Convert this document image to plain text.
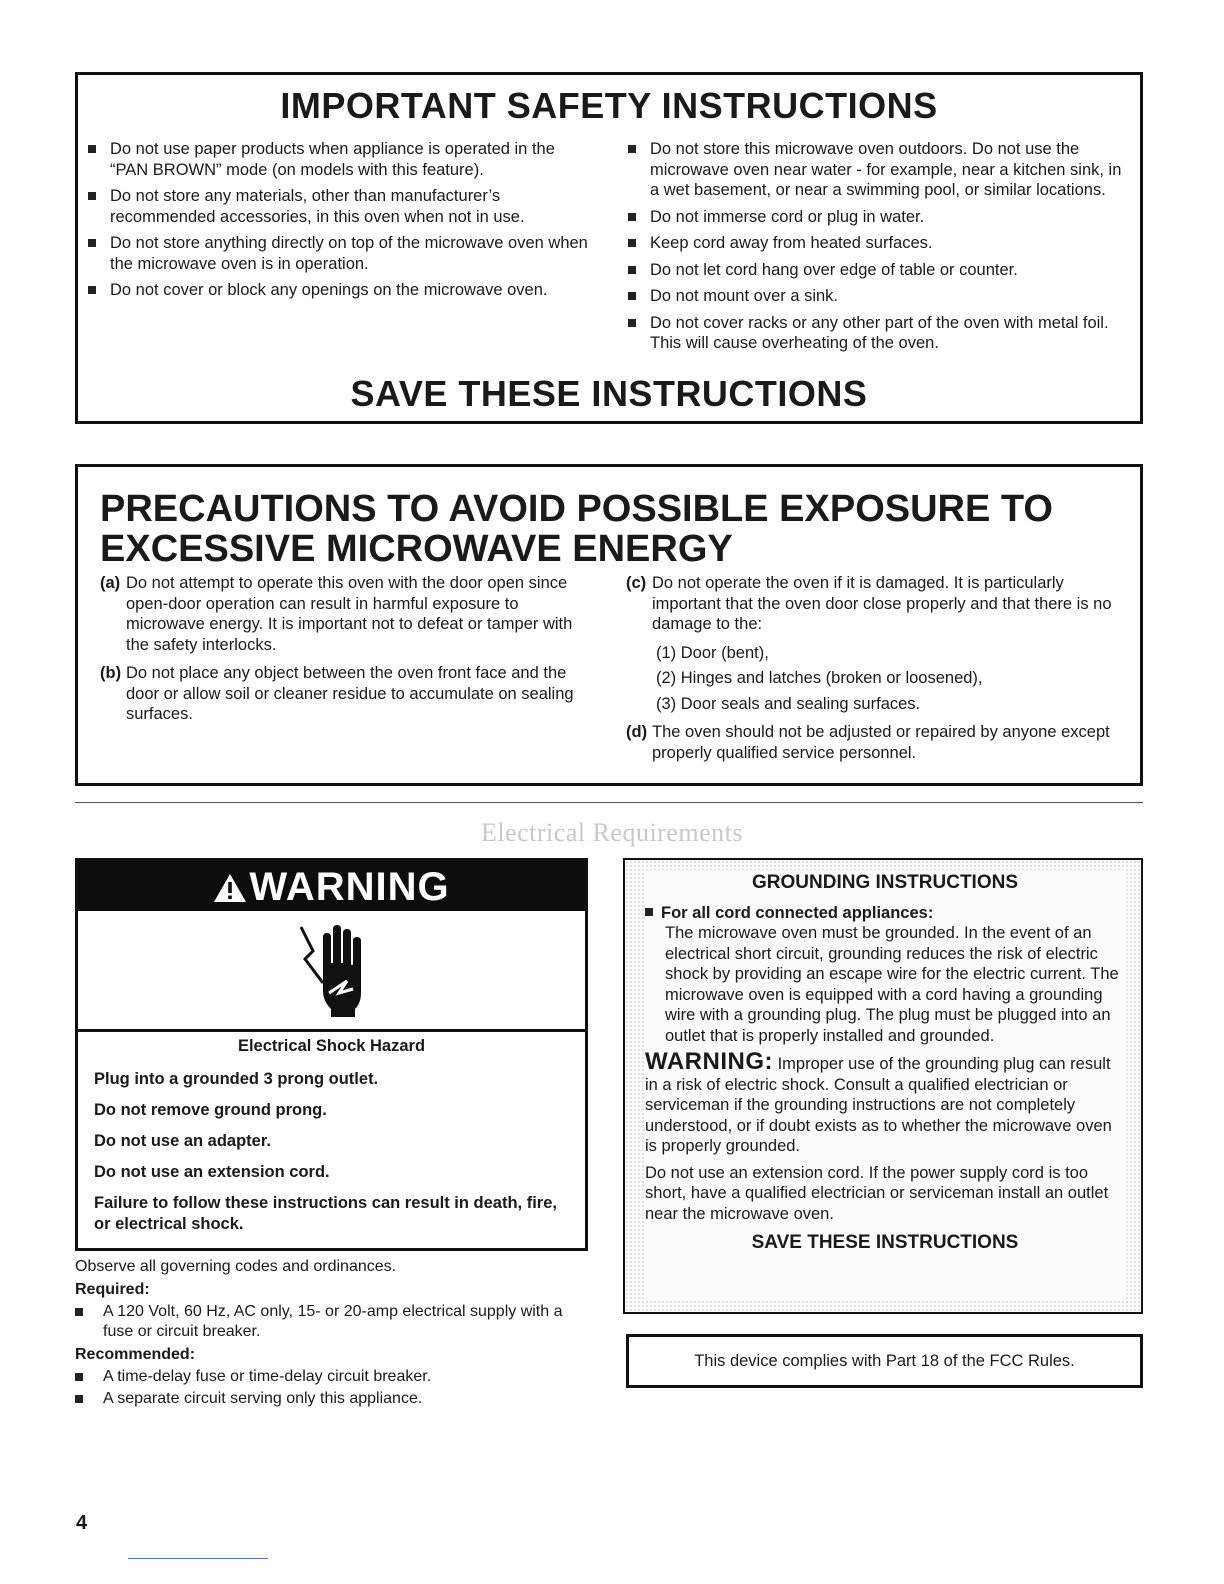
IMPORTANT SAFETY INSTRUCTIONS
Do not use paper products when appliance is operated in the “PAN BROWN” mode (on models with this feature).
Do not store any materials, other than manufacturer’s recommended accessories, in this oven when not in use.
Do not store anything directly on top of the microwave oven when the microwave oven is in operation.
Do not cover or block any openings on the microwave oven.
Do not store this microwave oven outdoors. Do not use the microwave oven near water - for example, near a kitchen sink, in a wet basement, or near a swimming pool, or similar locations.
Do not immerse cord or plug in water.
Keep cord away from heated surfaces.
Do not let cord hang over edge of table or counter.
Do not mount over a sink.
Do not cover racks or any other part of the oven with metal foil. This will cause overheating of the oven.
SAVE THESE INSTRUCTIONS
PRECAUTIONS TO AVOID POSSIBLE EXPOSURE TO EXCESSIVE MICROWAVE ENERGY
(a) Do not attempt to operate this oven with the door open since open-door operation can result in harmful exposure to microwave energy. It is important not to defeat or tamper with the safety interlocks.
(b) Do not place any object between the oven front face and the door or allow soil or cleaner residue to accumulate on sealing surfaces.
(c) Do not operate the oven if it is damaged. It is particularly important that the oven door close properly and that there is no damage to the:
(1) Door (bent),
(2) Hinges and latches (broken or loosened),
(3) Door seals and sealing surfaces.
(d) The oven should not be adjusted or repaired by anyone except properly qualified service personnel.
Electrical Requirements
WARNING
Electrical Shock Hazard
Plug into a grounded 3 prong outlet.
Do not remove ground prong.
Do not use an adapter.
Do not use an extension cord.
Failure to follow these instructions can result in death, fire, or electrical shock.
Observe all governing codes and ordinances.
Required:
A 120 Volt, 60 Hz, AC only, 15- or 20-amp electrical supply with a fuse or circuit breaker.
Recommended:
A time-delay fuse or time-delay circuit breaker.
A separate circuit serving only this appliance.
GROUNDING INSTRUCTIONS
For all cord connected appliances:
The microwave oven must be grounded. In the event of an electrical short circuit, grounding reduces the risk of electric shock by providing an escape wire for the electric current. The microwave oven is equipped with a cord having a grounding wire with a grounding plug. The plug must be plugged into an outlet that is properly installed and grounded.
WARNING: Improper use of the grounding plug can result in a risk of electric shock. Consult a qualified electrician or serviceman if the grounding instructions are not completely understood, or if doubt exists as to whether the microwave oven is properly grounded.
Do not use an extension cord. If the power supply cord is too short, have a qualified electrician or serviceman install an outlet near the microwave oven.
SAVE THESE INSTRUCTIONS
This device complies with Part 18 of the FCC Rules.
4
